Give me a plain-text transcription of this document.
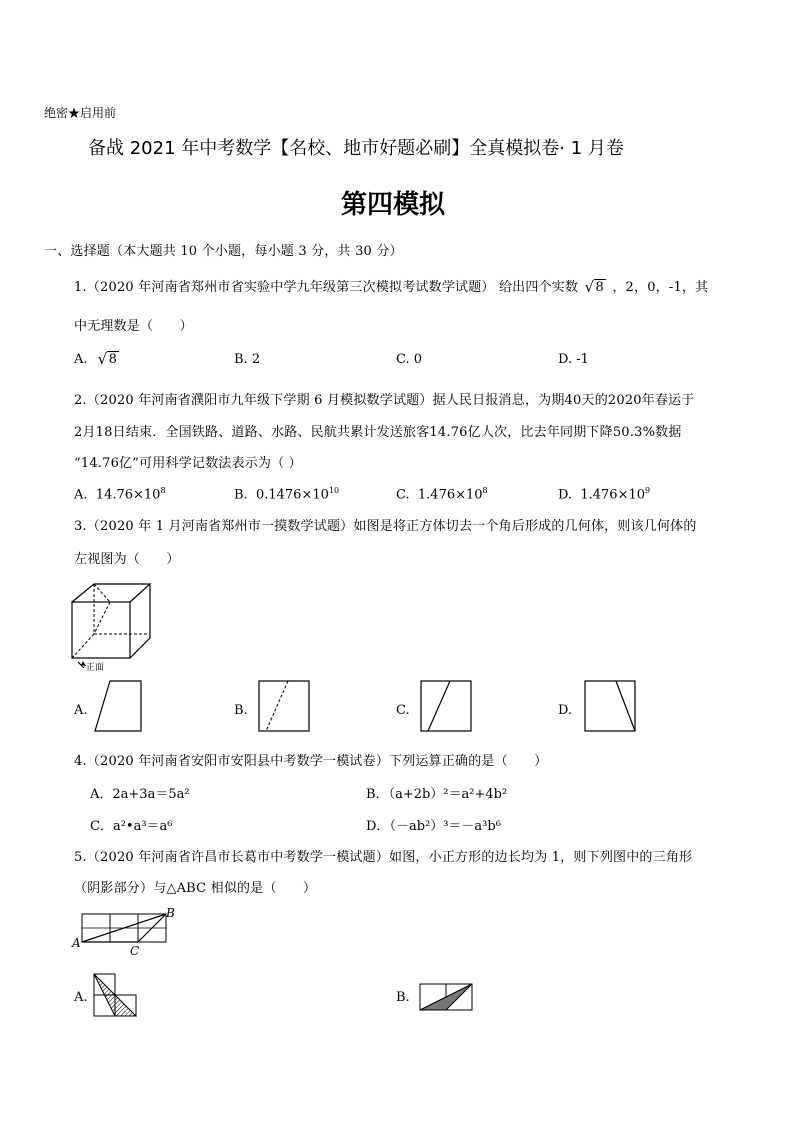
绝密★启用前
备战 2021 年中考数学【名校、地市好题必刷】全真模拟卷· 1 月卷
第四模拟
一、选择题（本大题共 10 个小题，每小题 3 分，共 30 分）
1.（2020 年河南省郑州市省实验中学九年级第三次模拟考试数学试题） 给出四个实数 √ 8 ，2，0，-1，其
中无理数是（　　）
A. √ 8	B. 2	C. 0	D. -1
2.（2020 年河南省濮阳市九年级下学期 6 月模拟数学试题）据人民日报消息，为期40天的2020年春运于
2月18日结束．全国铁路、道路、水路、民航共累计发送旅客14.76亿人次，比去年同期下降50.3%数据
“14.76亿”可用科学记数法表示为（ ）
A. $14.76\times 10^8$	B. $0.1476\times 10^{10}$	C. $1.476\times 10^8$	D. $1.476\times 10^9$
3.（2020 年 1 月河南省郑州市一摸数学试题）如图是将正方体切去一个角后形成的几何体，则该几何体的
左视图为（　　）
正面
A.	B.	C.	D.
4.（2020 年河南省安阳市安阳县中考数学一模试卷）下列运算正确的是（　　）
A．2a+3a＝5a²	B．（a+2b）²＝a²+4b²
C．a²•a³＝a⁶	D．（－ab²）³＝－a³b⁶
5.（2020 年河南省许昌市长葛市中考数学一模试题）如图，小正方形的边长均为 1，则下列图中的三角形
（阴影部分）与△ABC 相似的是（　　）
A
B
C
A.	B.
